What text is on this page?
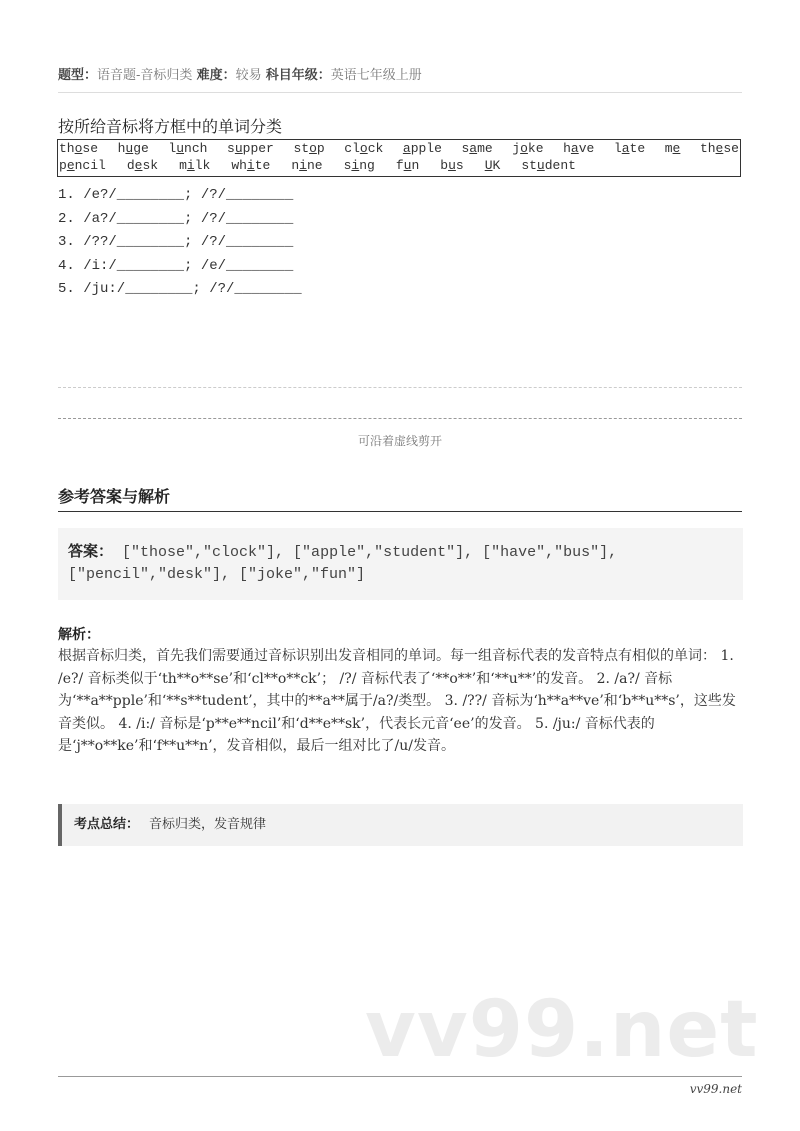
题型：语音题-音标归类 难度：较易 科目年级：英语七年级上册
按所给音标将方框中的单词分类
those huge lunch supper stop clock apple same joke have late me these
pencil desk milk white nine sing fun bus UK student
1. /e?/________; /?/________
2. /a?/________; /?/________
3. /??/________; /?/________
4. /i:/________; /e/________
5. /ju:/________; /?/________
可沿着虚线剪开
参考答案与解析
答案： ["those","clock"], ["apple","student"], ["have","bus"],
["pencil","desk"], ["joke","fun"]
解析：
根据音标归类，首先我们需要通过音标识别出发音相同的单词。每一组音标代表的发音特点有相似的单词： 1. /e?/ 音标类似于‘th**o**se’和‘cl**o**ck’； /?/ 音标代表了‘**o**’和‘**u**’的发音。 2. /a?/ 音标为‘**a**pple’和‘**s**tudent’，其中的**a**属于/a?/类型。 3. /??/ 音标为‘h**a**ve’和‘b**u**s’，这些发音类似。 4. /i:/ 音标是‘p**e**ncil’和‘d**e**sk’，代表长元音‘ee’的发音。 5. /ju:/ 音标代表的是‘j**o**ke’和‘f**u**n’，发音相似，最后一组对比了/u/发音。
考点总结： 音标归类，发音规律
vv99.net
vv99.net
